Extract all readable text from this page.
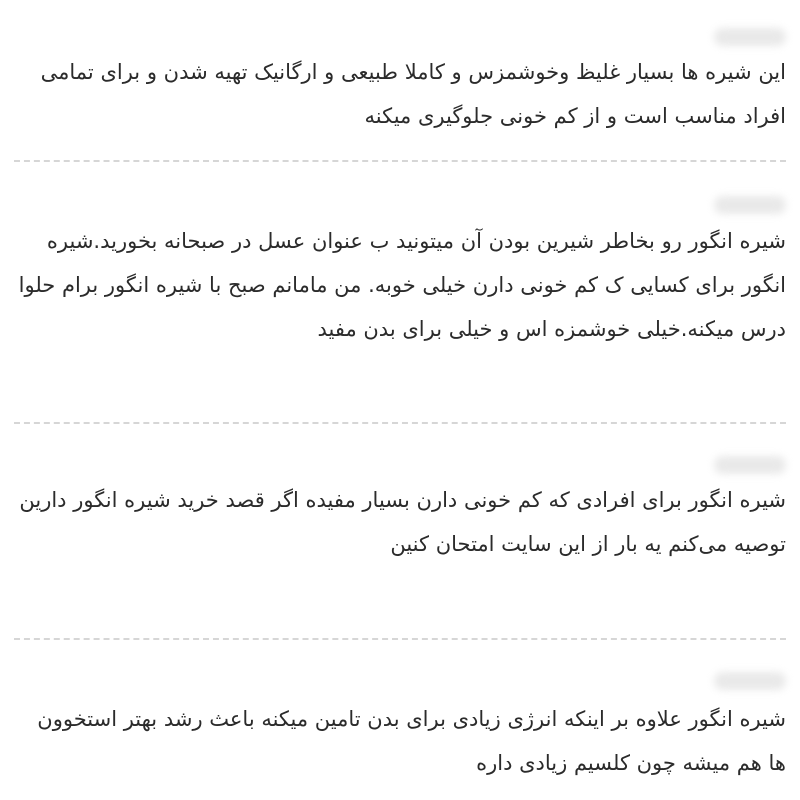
این شیره ها بسیار غلیظ وخوشمزس و کاملا طبیعی و ارگانیک تهیه شدن و برای تمامی افراد مناسب است و از کم خونی جلوگیری میکنه

شیره انگور رو بخاطر شیرین بودن آن میتونید ب عنوان عسل در صبحانه بخورید.شیره انگور برای کسایی ک کم خونی دارن خیلی خوبه. من مامانم صبح با شیره انگور برام حلوا درس میکنه.خیلی خوشمزه اس و خیلی برای بدن مفید

شیره انگور برای افرادی که کم خونی دارن بسیار مفیده اگر قصد خرید شیره انگور دارین توصیه می‌کنم یه بار از این سایت امتحان کنین

شیره انگور علاوه بر اینکه انرژی زیادی برای بدن تامین میکنه باعث رشد بهتر استخوون ها هم میشه چون کلسیم زیادی داره
